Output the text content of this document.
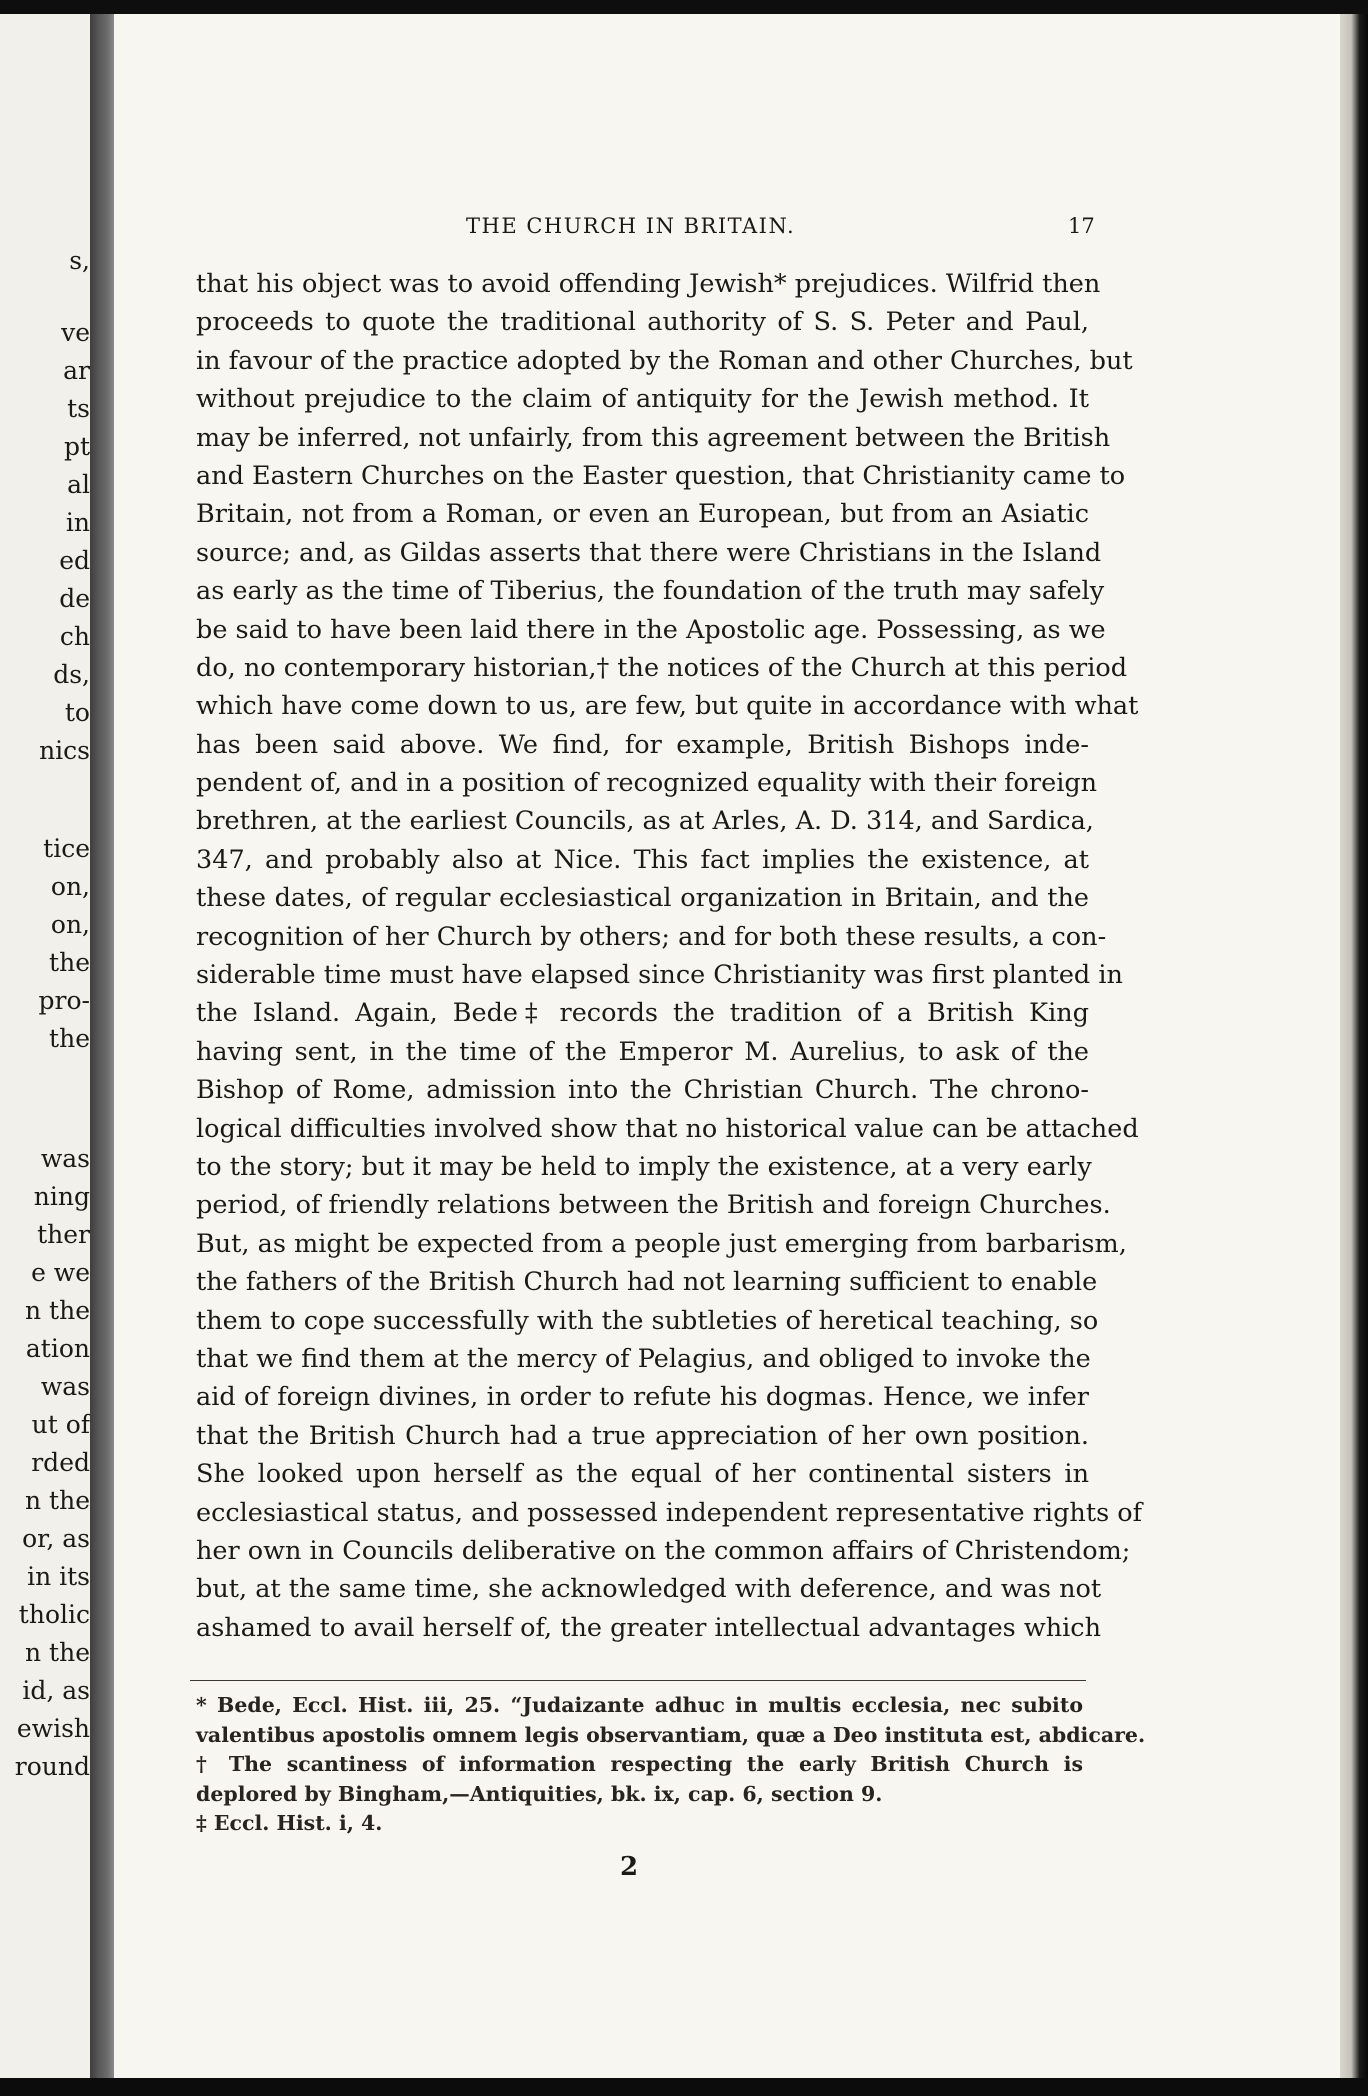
s,
ve
ar
ts
pt
al
in
ed
de
ch
ds,
to
nics
tice
on,
on,
the
pro-
the
was
ning
ther
e we
n the
ation
was
ut of
rded
n the
or, as
in its
tholic
n the
id, as
ewish
round
THE CHURCH IN BRITAIN.	17
that his object was to avoid offending Jewish* prejudices. Wilfrid then
proceeds to quote the traditional authority of S. S. Peter and Paul,
in favour of the practice adopted by the Roman and other Churches, but
without prejudice to the claim of antiquity for the Jewish method. It
may be inferred, not unfairly, from this agreement between the British
and Eastern Churches on the Easter question, that Christianity came to
Britain, not from a Roman, or even an European, but from an Asiatic
source; and, as Gildas asserts that there were Christians in the Island
as early as the time of Tiberius, the foundation of the truth may safely
be said to have been laid there in the Apostolic age. Possessing, as we
do, no contemporary historian,† the notices of the Church at this period
which have come down to us, are few, but quite in accordance with what
has been said above. We find, for example, British Bishops inde-
pendent of, and in a position of recognized equality with their foreign
brethren, at the earliest Councils, as at Arles, A. D. 314, and Sardica,
347, and probably also at Nice. This fact implies the existence, at
these dates, of regular ecclesiastical organization in Britain, and the
recognition of her Church by others; and for both these results, a con-
siderable time must have elapsed since Christianity was first planted in
the Island. Again, Bede‡ records the tradition of a British King
having sent, in the time of the Emperor M. Aurelius, to ask of the
Bishop of Rome, admission into the Christian Church. The chrono-
logical difficulties involved show that no historical value can be attached
to the story; but it may be held to imply the existence, at a very early
period, of friendly relations between the British and foreign Churches.
But, as might be expected from a people just emerging from barbarism,
the fathers of the British Church had not learning sufficient to enable
them to cope successfully with the subtleties of heretical teaching, so
that we find them at the mercy of Pelagius, and obliged to invoke the
aid of foreign divines, in order to refute his dogmas. Hence, we infer
that the British Church had a true appreciation of her own position.
She looked upon herself as the equal of her continental sisters in
ecclesiastical status, and possessed independent representative rights of
her own in Councils deliberative on the common affairs of Christendom;
but, at the same time, she acknowledged with deference, and was not
ashamed to avail herself of, the greater intellectual advantages which
* Bede, Eccl. Hist. iii, 25. “Judaizante adhuc in multis ecclesia, nec subito
valentibus apostolis omnem legis observantiam, quæ a Deo instituta est, abdicare.
† The scantiness of information respecting the early British Church is
deplored by Bingham,—Antiquities, bk. ix, cap. 6, section 9.
‡ Eccl. Hist. i, 4.
2
